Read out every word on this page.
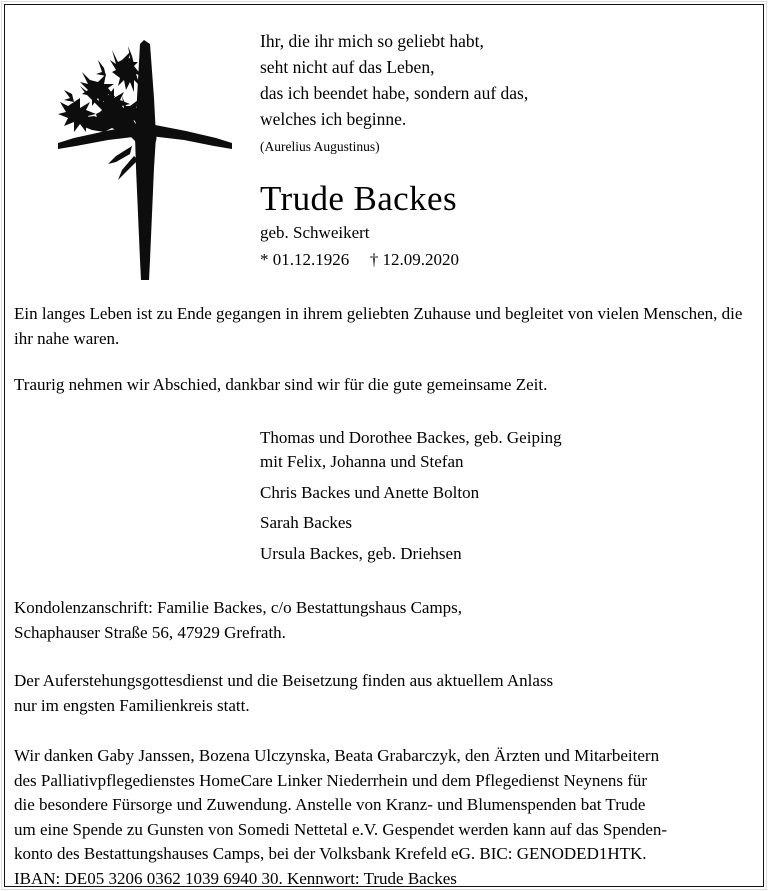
Ihr, die ihr mich so geliebt habt,
seht nicht auf das Leben,
das ich beendet habe, sondern auf das,
welches ich beginne.
(Aurelius Augustinus)
Trude Backes
geb. Schweikert
* 01.12.1926 † 12.09.2020

Ein langes Leben ist zu Ende gegangen in ihrem geliebten Zuhause und begleitet von vielen Menschen, die ihr nahe waren.

Traurig nehmen wir Abschied, dankbar sind wir für die gute gemeinsame Zeit.

Thomas und Dorothee Backes, geb. Geiping
mit Felix, Johanna und Stefan
Chris Backes und Anette Bolton
Sarah Backes
Ursula Backes, geb. Driehsen
Kondolenzanschrift: Familie Backes, c/o Bestattungshaus Camps,
Schaphauser Straße 56, 47929 Grefrath.
Der Auferstehungsgottesdienst und die Beisetzung finden aus aktuellem Anlass
nur im engsten Familienkreis statt.
Wir danken Gaby Janssen, Bozena Ulczynska, Beata Grabarczyk, den Ärzten und Mitarbeitern
des Palliativpflegedienstes HomeCare Linker Niederrhein und dem Pflegedienst Neynens für
die besondere Fürsorge und Zuwendung. Anstelle von Kranz- und Blumenspenden bat Trude
um eine Spende zu Gunsten von Somedi Nettetal e.V. Gespendet werden kann auf das Spenden-
konto des Bestattungshauses Camps, bei der Volksbank Krefeld eG. BIC: GENODED1HTK.
IBAN: DE05 3206 0362 1039 6940 30. Kennwort: Trude Backes
